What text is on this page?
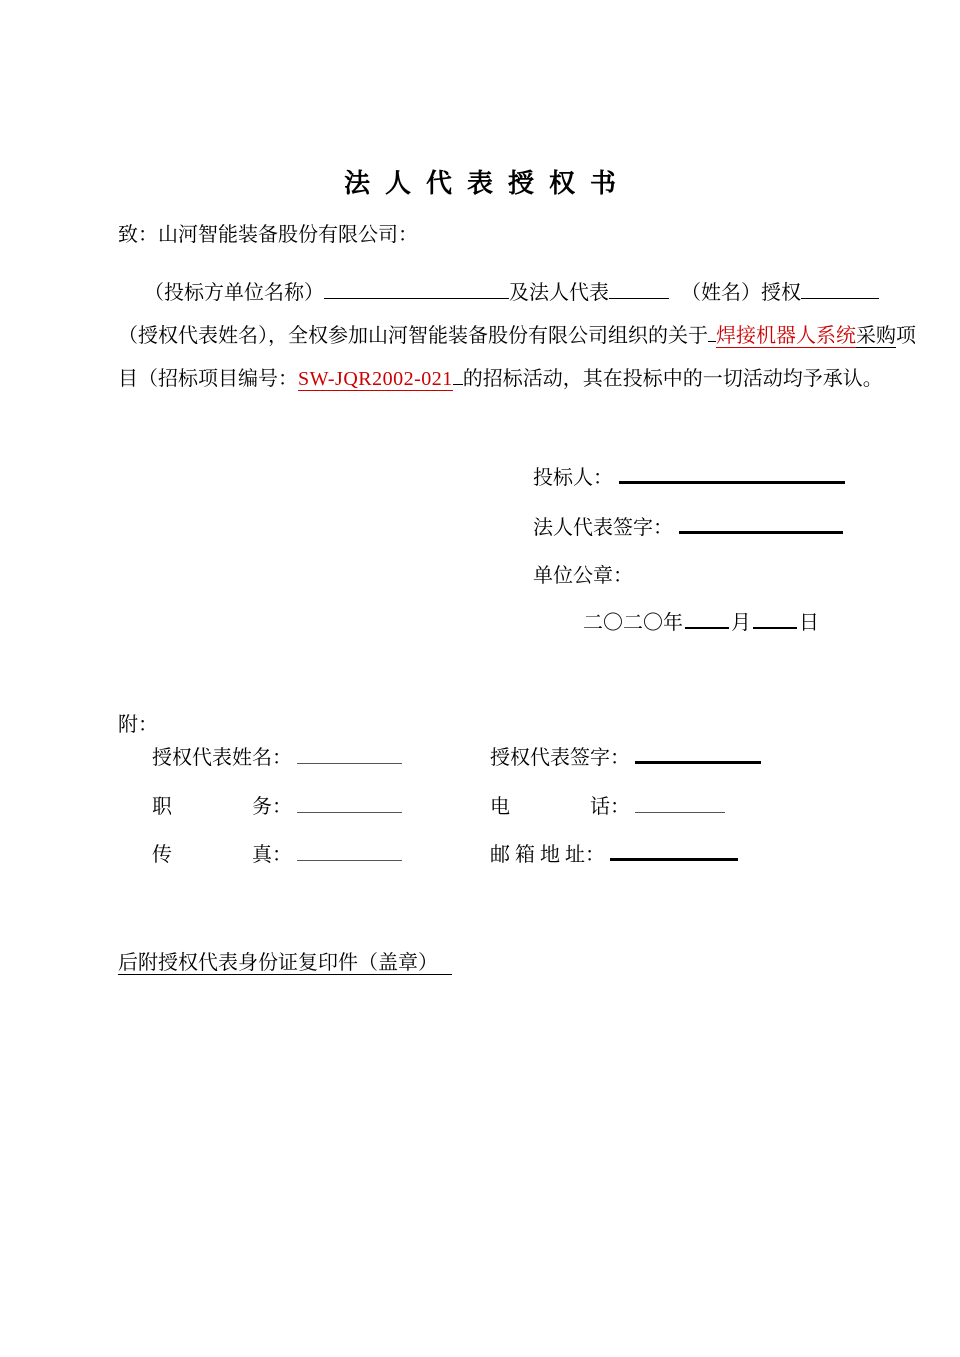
法人代表授权书
致：山河智能装备股份有限公司：
（投标方单位名称）	及法人代表	（姓名）授权
（授权代表姓名），全权参加山河智能装备股份有限公司组织的关于 焊接机器人系统采购项
目（招标项目编号：SW-JQR2002-021 的招标活动，其在投标中的一切活动均予承认。
投标人：
法人代表签字：
单位公章：
二〇二〇年 月 日
附：
授权代表姓名：	授权代表签字：
职　　　　务：	电　　　　话：
传　　　　真：	邮 箱 地 址：
后附授权代表身份证复印件（盖章）
